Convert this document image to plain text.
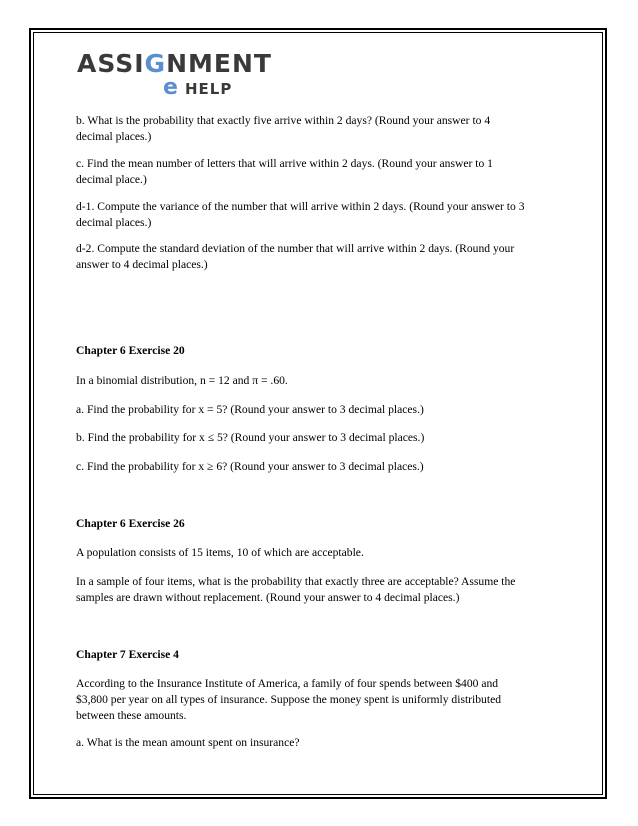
ASSIGNMENT
e HELP
b. What is the probability that exactly five arrive within 2 days? (Round your answer to 4
decimal places.)
c. Find the mean number of letters that will arrive within 2 days. (Round your answer to 1
decimal place.)
d-1. Compute the variance of the number that will arrive within 2 days. (Round your answer to 3
decimal places.)
d-2. Compute the standard deviation of the number that will arrive within 2 days. (Round your
answer to 4 decimal places.)
Chapter 6 Exercise 20
In a binomial distribution, n = 12 and π = .60.
a. Find the probability for x = 5? (Round your answer to 3 decimal places.)
b. Find the probability for x ≤ 5? (Round your answer to 3 decimal places.)
c. Find the probability for x ≥ 6? (Round your answer to 3 decimal places.)
Chapter 6 Exercise 26
A population consists of 15 items, 10 of which are acceptable.
In a sample of four items, what is the probability that exactly three are acceptable? Assume the
samples are drawn without replacement. (Round your answer to 4 decimal places.)
Chapter 7 Exercise 4
According to the Insurance Institute of America, a family of four spends between $400 and
$3,800 per year on all types of insurance. Suppose the money spent is uniformly distributed
between these amounts.
a. What is the mean amount spent on insurance?
